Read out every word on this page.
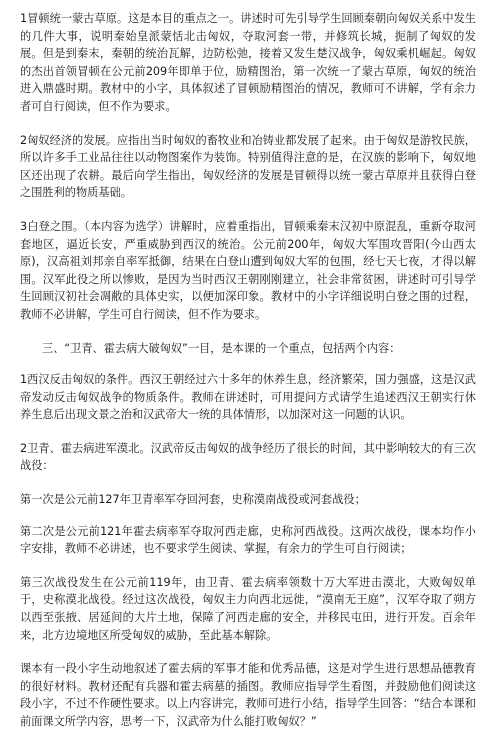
1冒顿统一蒙古草原。这是本目的重点之一。讲述时可先引导学生回顾秦朝向匈奴关系中发生的几件大事，说明秦始皇派蒙恬北击匈奴，夺取河套一带，并修筑长城，扼制了匈奴的发展。但是到秦末，秦朝的统治瓦解，边防松弛，接着又发生楚汉战争，匈奴乘机崛起。匈奴的杰出首领冒顿在公元前209年即单于位，励精图治，第一次统一了蒙古草原，匈奴的统治进入鼎盛时期。教材中的小字，具体叙述了冒顿励精图治的情况，教师可不讲解，学有余力者可自行阅读，但不作为要求。

2匈奴经济的发展。应指出当时匈奴的畜牧业和冶铸业都发展了起来。由于匈奴是游牧民族，所以许多手工业品往往以动物图案作为装饰。特别值得注意的是，在汉族的影响下，匈奴地区还出现了农耕。最后向学生指出，匈奴经济的发展是冒顿得以统一蒙古草原并且获得白登之围胜利的物质基础。

3白登之围。（本内容为选学）讲解时，应着重指出，冒顿乘秦末汉初中原混乱，重新夺取河套地区，逼近长安，严重威胁到西汉的统治。公元前200年，匈奴大军围攻晋阳(今山西太原)，汉高祖刘邦亲自率军抵御，结果在白登山遭到匈奴大军的包围，经七天七夜，才得以解围。汉军此役之所以惨败，是因为当时西汉王朝刚刚建立，社会非常贫困，讲述时可引导学生回顾汉初社会凋敝的具体史实，以便加深印象。教材中的小字详细说明白登之围的过程，教师不必讲解，学生可自行阅读，但不作为要求。

三、“卫青、霍去病大破匈奴”一目，是本课的一个重点，包括两个内容：

1西汉反击匈奴的条件。西汉王朝经过六十多年的休养生息，经济繁荣，国力强盛，这是汉武帝发动反击匈奴战争的物质条件。教师在讲述时，可用提问方式请学生追述西汉王朝实行休养生息后出现文景之治和汉武帝大一统的具体情形，以加深对这一问题的认识。

2卫青、霍去病进军漠北。汉武帝反击匈奴的战争经历了很长的时间，其中影响较大的有三次战役：

第一次是公元前127年卫青率军夺回河套，史称漠南战役或河套战役；

第二次是公元前121年霍去病率军夺取河西走廊，史称河西战役。这两次战役，课本均作小字安排，教师不必讲述，也不要求学生阅读、掌握，有余力的学生可自行阅读；

第三次战役发生在公元前119年，由卫青、霍去病率领数十万大军进击漠北，大败匈奴单于，史称漠北战役。经过这次战役，匈奴主力向西北远徙，“漠南无王庭”，汉军夺取了朔方以西至张掖、居延间的大片土地，保障了河西走廊的安全，并移民屯田，进行开发。百余年来，北方边境地区所受匈奴的威胁，至此基本解除。

课本有一段小字生动地叙述了霍去病的军事才能和优秀品德，这是对学生进行思想品德教育的很好材料。教材还配有兵器和霍去病墓的插图。教师应指导学生看图，并鼓励他们阅读这段小字，不过不作硬性要求。以上内容讲完，教师可进行小结，指导学生回答：“结合本课和前面课文所学内容，思考一下，汉武帝为什么能打败匈奴？”
